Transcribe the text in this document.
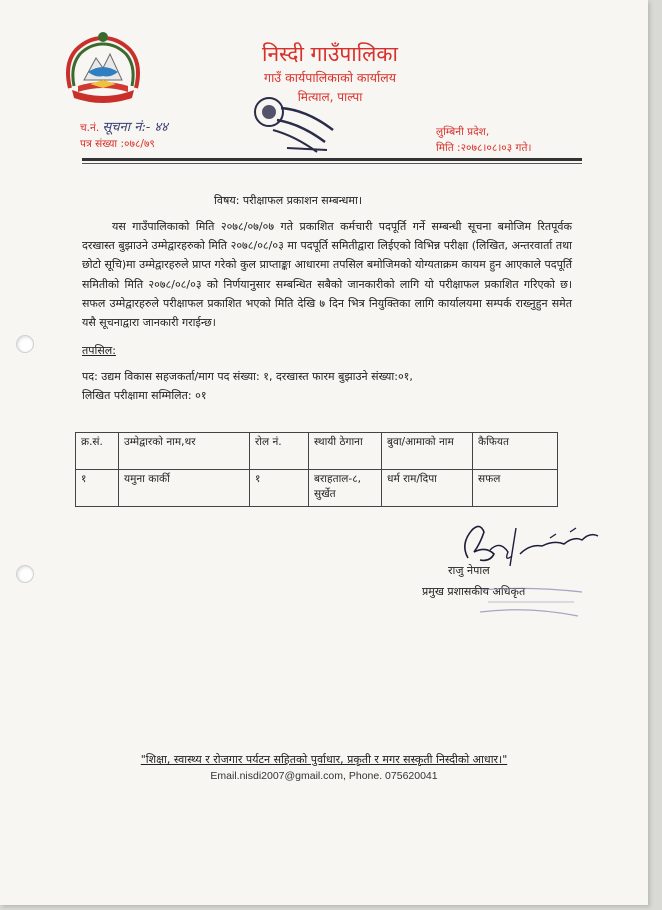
निस्दी गाउँपालिका
गाउँ कार्यपालिकाको कार्यालय
मित्याल, पाल्पा
च.नं. सूचना नं:- ४४
पत्र संख्या :०७८/७९
लुम्बिनी प्रदेश,
मिति :२०७८।०८।०३ गते।
विषय: परीक्षाफल प्रकाशन सम्बन्धमा।
यस गाउँपालिकाको मिति २०७८/०७/०७ गते प्रकाशित कर्मचारी पदपूर्ति गर्ने सम्बन्धी सूचना बमोजिम रितपूर्वक दरखास्त बुझाउने उम्मेद्वारहरुको मिति २०७८/०८/०३ मा पदपूर्ति समितीद्वारा लिईएको विभिन्न परीक्षा (लिखित, अन्तरवार्ता तथा छोटो सूचि)मा उम्मेद्वारहरुले प्राप्त गरेको कुल प्राप्ताङ्का आधारमा तपसिल बमोजिमको योग्यताक्रम कायम हुन आएकाले पदपूर्ति समितीको मिति २०७८/०८/०३ को निर्णयानुसार सम्बन्धित सबैको जानकारीको लागि यो परीक्षाफल प्रकाशित गरिएको छ। सफल उम्मेद्वारहरुले परीक्षाफल प्रकाशित भएको मिति देखि ७ दिन भित्र नियुक्तिका लागि कार्यालयमा सम्पर्क राख्नुहुन समेत यसै सूचनाद्वारा जानकारी गराईन्छ।
तपसिल:
पद: उद्यम विकास सहजकर्ता/माग पद संख्या: १, दरखास्त फारम बुझाउने संख्या:०१,
लिखित परीक्षामा सम्मिलित: ०१
क्र.सं.	उम्मेद्वारको नाम,थर	रोल नं.	स्थायी ठेगाना	बुवा/आमाको नाम	कैफियत
१	यमुना कार्की	१	बराहताल-८, सुर्खेत	धर्म राम/दिपा	सफल
राजु नेपाल
प्रमुख प्रशासकीय अधिकृत
"शिक्षा, स्वास्थ्य र रोजगार पर्यटन सहितको पुर्वाधार, प्रकृती र मगर सस्कृती निस्दीको आधार।"
Email.nisdi2007@gmail.com, Phone. 075620041
